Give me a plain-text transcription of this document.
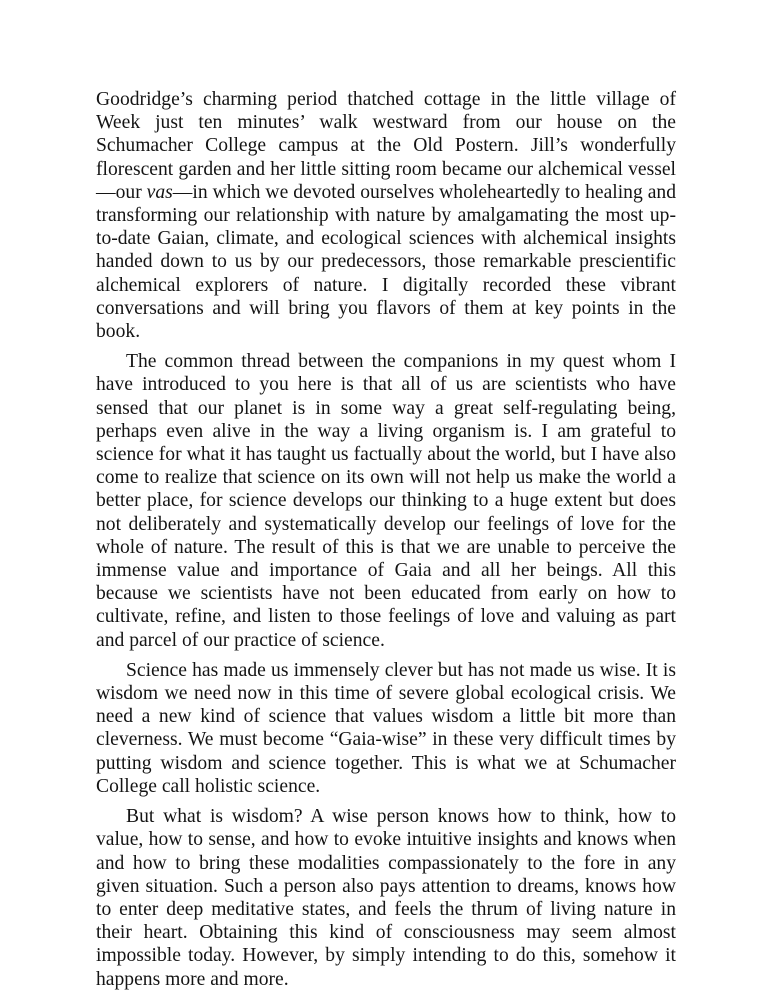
Goodridge’s charming period thatched cottage in the little village of Week just ten minutes’ walk westward from our house on the Schumacher College campus at the Old Postern. Jill’s wonderfully florescent garden and her little sitting room became our alchemical vessel—our vas—in which we devoted ourselves wholeheartedly to healing and transforming our relationship with nature by amalgamating the most up-to-date Gaian, climate, and ecological sciences with alchemical insights handed down to us by our predecessors, those remarkable prescientific alchemical explorers of nature. I digitally recorded these vibrant conversations and will bring you flavors of them at key points in the book.

The common thread between the companions in my quest whom I have introduced to you here is that all of us are scientists who have sensed that our planet is in some way a great self-regulating being, perhaps even alive in the way a living organism is. I am grateful to science for what it has taught us factually about the world, but I have also come to realize that science on its own will not help us make the world a better place, for science develops our thinking to a huge extent but does not deliberately and systematically develop our feelings of love for the whole of nature. The result of this is that we are unable to perceive the immense value and importance of Gaia and all her beings. All this because we scientists have not been educated from early on how to cultivate, refine, and listen to those feelings of love and valuing as part and parcel of our practice of science.

Science has made us immensely clever but has not made us wise. It is wisdom we need now in this time of severe global ecological crisis. We need a new kind of science that values wisdom a little bit more than cleverness. We must become “Gaia-wise” in these very difficult times by putting wisdom and science together. This is what we at Schumacher College call holistic science.

But what is wisdom? A wise person knows how to think, how to value, how to sense, and how to evoke intuitive insights and knows when and how to bring these modalities compassionately to the fore in any given situation. Such a person also pays attention to dreams, knows how to enter deep meditative states, and feels the thrum of living nature in their heart. Obtaining this kind of consciousness may seem almost impossible today. However, by simply intending to do this, somehow it happens more and more.
